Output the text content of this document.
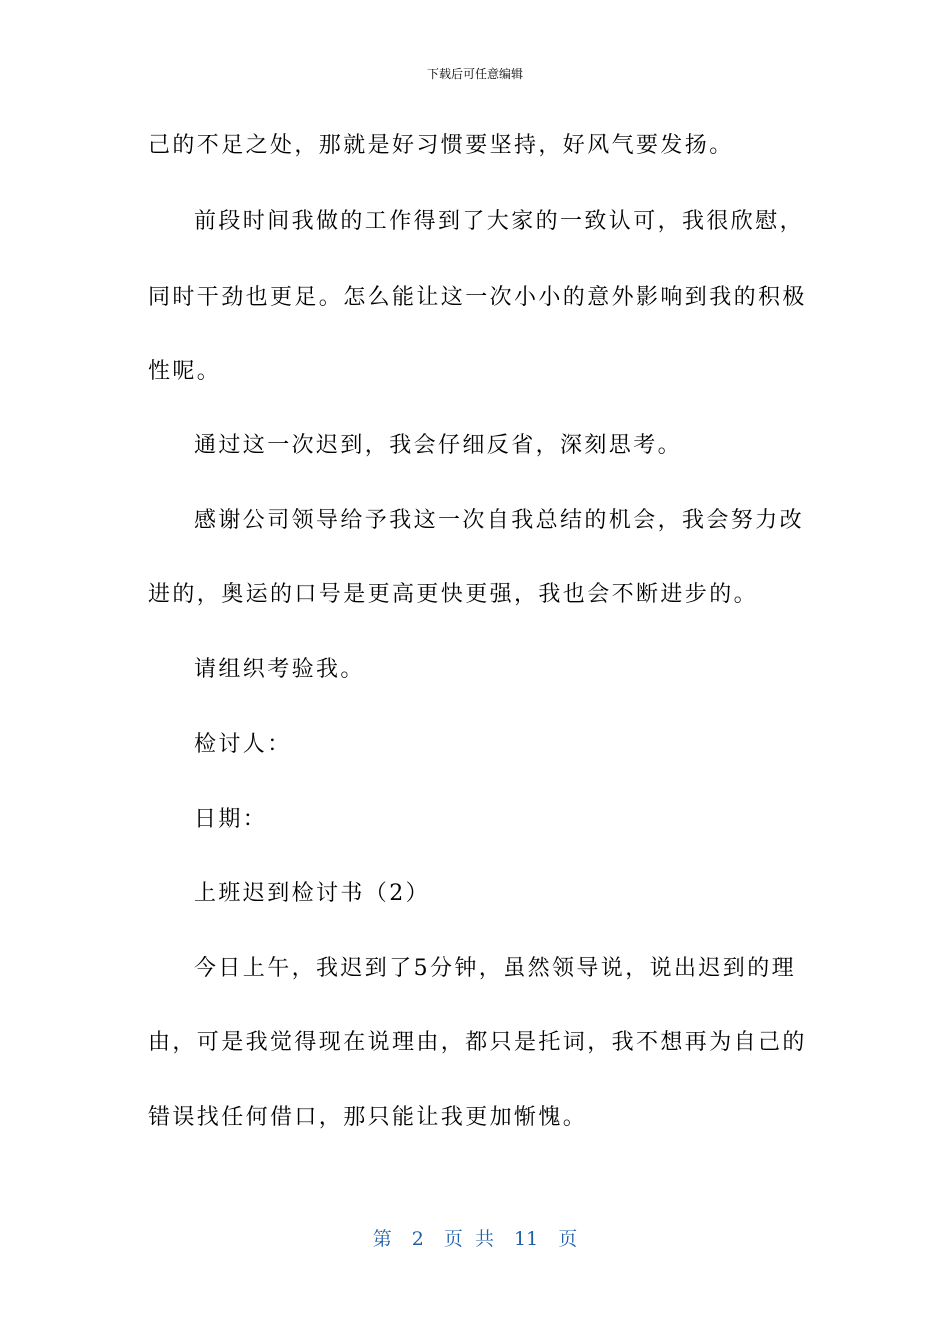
下载后可任意编辑

己的不足之处，那就是好习惯要坚持，好风气要发扬。

前段时间我做的工作得到了大家的一致认可，我很欣慰，

同时干劲也更足。怎么能让这一次小小的意外影响到我的积极

性呢。

通过这一次迟到，我会仔细反省，深刻思考。

感谢公司领导给予我这一次自我总结的机会，我会努力改

进的，奥运的口号是更高更快更强，我也会不断进步的。

请组织考验我。

检讨人：

日期：

上班迟到检讨书（2）

今日上午，我迟到了5分钟，虽然领导说，说出迟到的理

由，可是我觉得现在说理由，都只是托词，我不想再为自己的

错误找任何借口，那只能让我更加惭愧。

第 2 页 共 11 页
